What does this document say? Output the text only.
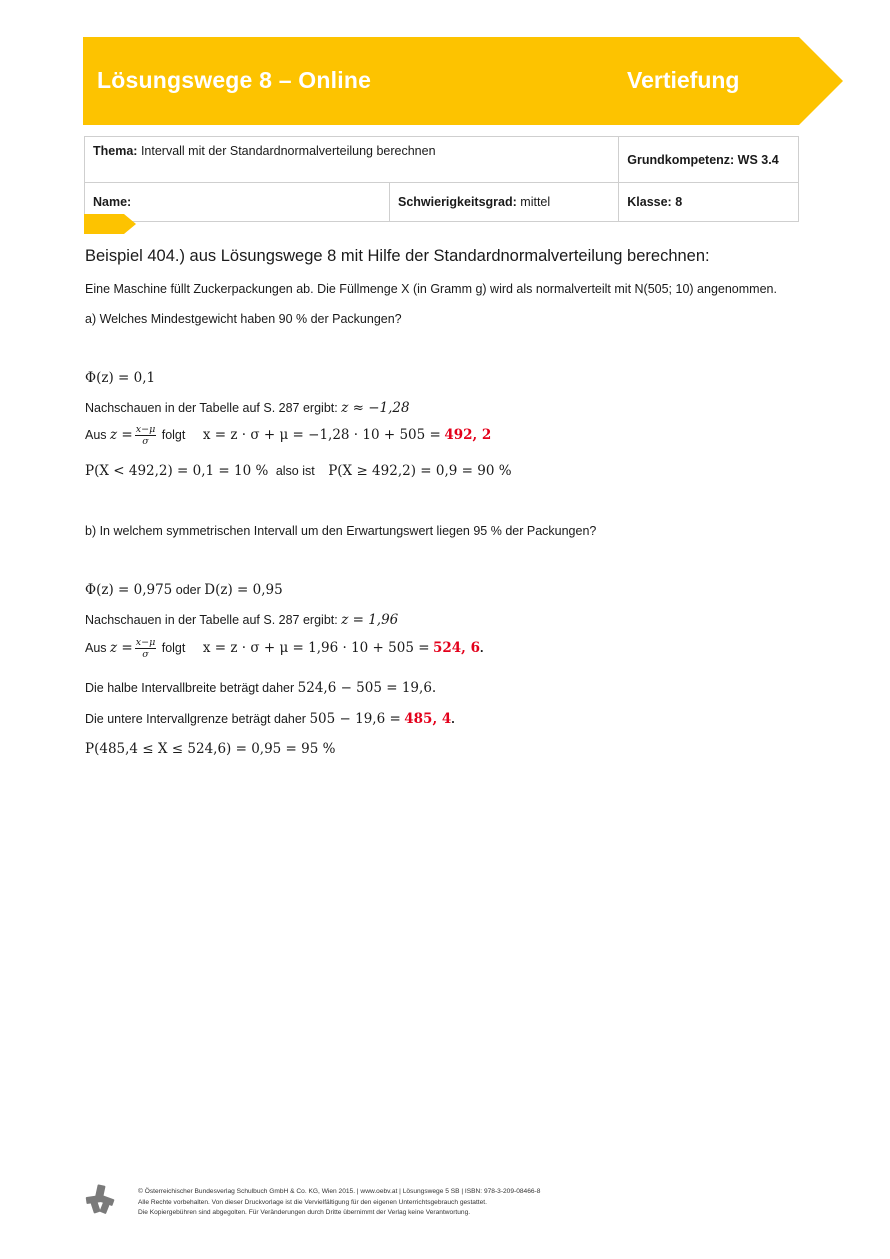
Lösungswege 8 – Online	Vertiefung
Thema: Intervall mit der Standardnormalverteilung berechnen		Grundkompetenz: WS 3.4
Name:	Schwierigkeitsgrad: mittel	Klasse: 8
Beispiel 404.) aus Lösungswege 8 mit Hilfe der Standardnormalverteilung berechnen:
Eine Maschine füllt Zuckerpackungen ab. Die Füllmenge X (in Gramm g) wird als normalverteilt mit N(505; 10) angenommen.
a) Welches Mindestgewicht haben 90 % der Packungen?
Φ(z) = 0,1
Nachschauen in der Tabelle auf S. 287 ergibt: z ≈ −1,28
Aus $z = \frac{x-\mu}{\sigma}$ folgt x = z · σ + μ = −1,28 · 10 + 505 = 492, 2
P(X < 492,2) = 0,1 = 10 % also ist P(X ≥ 492,2) = 0,9 = 90 %
b) In welchem symmetrischen Intervall um den Erwartungswert liegen 95 % der Packungen?
Φ(z) = 0,975 oder D(z) = 0,95
Nachschauen in der Tabelle auf S. 287 ergibt: z = 1,96
Aus $z = \frac{x-\mu}{\sigma}$ folgt x = z · σ + μ = 1,96 · 10 + 505 = 524, 6.
Die halbe Intervallbreite beträgt daher 524,6 − 505 = 19,6.
Die untere Intervallgrenze beträgt daher 505 − 19,6 = 485, 4.
P(485,4 ≤ X ≤ 524,6) = 0,95 = 95 %
© Österreichischer Bundesverlag Schulbuch GmbH & Co. KG, Wien 2015. | www.oebv.at | Lösungswege 5 SB | ISBN: 978-3-209-08466-8
Alle Rechte vorbehalten. Von dieser Druckvorlage ist die Vervielfältigung für den eigenen Unterrichtsgebrauch gestattet.
Die Kopiergebühren sind abgegolten. Für Veränderungen durch Dritte übernimmt der Verlag keine Verantwortung.
